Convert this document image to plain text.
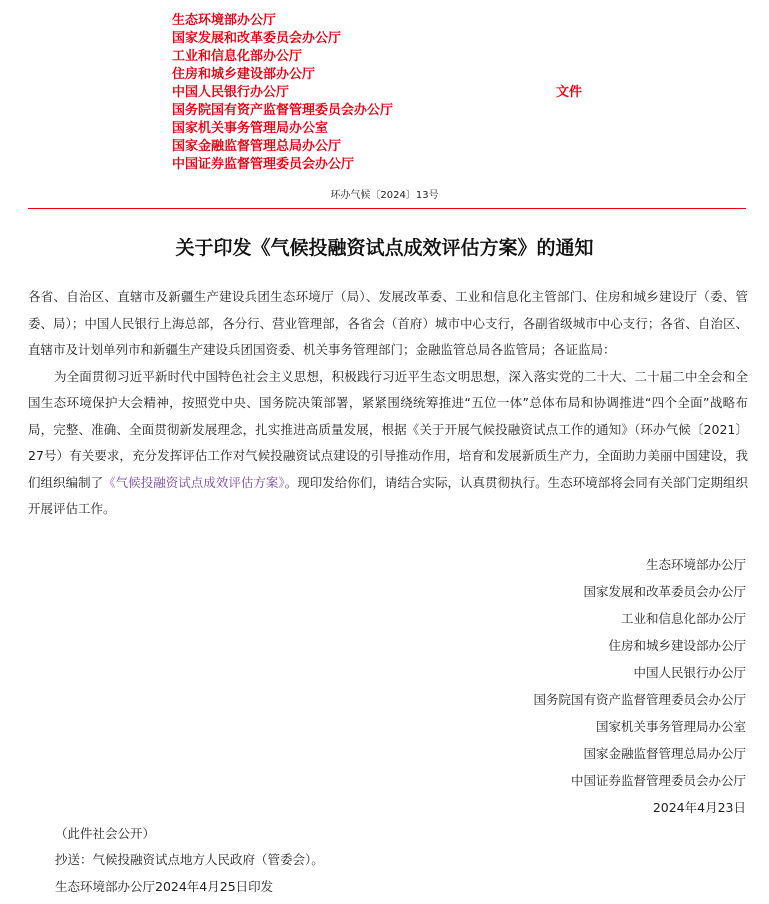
生态环境部办公厅
国家发展和改革委员会办公厅
工业和信息化部办公厅
住房和城乡建设部办公厅
中国人民银行办公厅
国务院国有资产监督管理委员会办公厅
国家机关事务管理局办公室
国家金融监督管理总局办公厅
中国证券监督管理委员会办公厅
文件
环办气候〔2024〕13号
关于印发《气候投融资试点成效评估方案》的通知

各省、自治区、直辖市及新疆生产建设兵团生态环境厅（局）、发展改革委、工业和信息化主管部门、住房和城乡建设厅（委、管委、局）；中国人民银行上海总部，各分行、营业管理部，各省会（首府）城市中心支行，各副省级城市中心支行；各省、自治区、直辖市及计划单列市和新疆生产建设兵团国资委、机关事务管理部门；金融监管总局各监管局；各证监局：

为全面贯彻习近平新时代中国特色社会主义思想，积极践行习近平生态文明思想，深入落实党的二十大、二十届二中全会和全国生态环境保护大会精神，按照党中央、国务院决策部署，紧紧围绕统筹推进“五位一体”总体布局和协调推进“四个全面”战略布局，完整、准确、全面贯彻新发展理念，扎实推进高质量发展，根据《关于开展气候投融资试点工作的通知》（环办气候〔2021〕27号）有关要求，充分发挥评估工作对气候投融资试点建设的引导推动作用，培育和发展新质生产力，全面助力美丽中国建设，我们组织编制了《气候投融资试点成效评估方案》。现印发给你们，请结合实际，认真贯彻执行。生态环境部将会同有关部门定期组织开展评估工作。

生态环境部办公厅
国家发展和改革委员会办公厅
工业和信息化部办公厅
住房和城乡建设部办公厅
中国人民银行办公厅
国务院国有资产监督管理委员会办公厅
国家机关事务管理局办公室
国家金融监督管理总局办公厅
中国证券监督管理委员会办公厅
2024年4月23日
（此件社会公开）
抄送：气候投融资试点地方人民政府（管委会）。
生态环境部办公厅2024年4月25日印发
